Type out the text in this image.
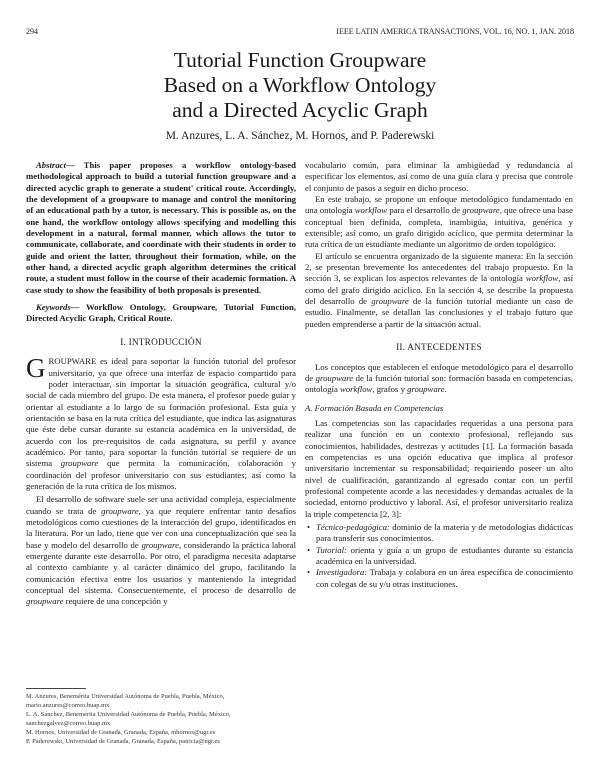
294	IEEE LATIN AMERICA TRANSACTIONS, VOL. 16, NO. 1, JAN. 2018
Tutorial Function Groupware
Based on a Workflow Ontology
and a Directed Acyclic Graph
M. Anzures, L. A. Sánchez, M. Hornos, and P. Paderewski

Abstract— This paper proposes a workflow ontology-based methodological approach to build a tutorial function groupware and a directed acyclic graph to generate a student' critical route. Accordingly, the development of a groupware to manage and control the monitoring of an educational path by a tutor, is necessary. This is possible as, on the one hand, the workflow ontology allows specifying and modelling this development in a natural, formal manner, which allows the tutor to communicate, collaborate, and coordinate with their students in order to guide and orient the latter, throughout their formation, while, on the other hand, a directed acyclic graph algorithm determines the critical route, a student must follow in the course of their academic formation. A case study to show the feasibility of both proposals is presented.

Keywords— Workflow Ontology, Groupware, Tutorial Function, Directed Acyclic Graph, Critical Route.

I. INTRODUCCIÓN

GROUPWARE es ideal para soportar la función tutorial del profesor universitario, ya que ofrece una interfaz de espacio compartido para poder interactuar, sin importar la situación geográfica, cultural y/o social de cada miembro del grupo. De esta manera, el profesor puede guiar y orientar al estudiante a lo largo de su formación profesional. Esta guía y orientación se basa en la ruta crítica del estudiante, que indica las asignaturas que éste debe cursar durante su estancia académica en la universidad, de acuerdo con los pre-requisitos de cada asignatura, su perfil y avance académico. Por tanto, para soportar la función tutorial se requiere de un sistema groupware que permita la comunicación, colaboración y coordinación del profesor universitario con sus estudiantes; así como la generación de la ruta crítica de los mismos.

El desarrollo de software suele ser una actividad compleja, especialmente cuando se trata de groupware, ya que requiere enfrentar tanto desafíos metodológicos como cuestiones de la interacción del grupo, identificados en la literatura. Por un lado, tiene que ver con una conceptualización que sea la base y modelo del desarrollo de groupware, considerando la práctica laboral emergente durante este desarrollo. Por otro, el paradigma necesita adaptarse al contexto cambiante y al carácter dinámico del grupo, facilitando la comunicación efectiva entre los usuarios y manteniendo la integridad conceptual del sistema. Consecuentemente, el proceso de desarrollo de groupware requiere de una concepción y

vocabulario común, para eliminar la ambigüedad y redundancia al especificar los elementos, así como de una guía clara y precisa que controle el conjunto de pasos a seguir en dicho proceso.

En este trabajo, se propone un enfoque metodológico fundamentado en una ontología workflow para el desarrollo de groupware, que ofrece una base conceptual bien definida, completa, inambigüa, intuitiva, genérica y extensible; así como, un grafo dirigido acíclico, que permita determinar la ruta crítica de un estudiante mediante un algoritmo de orden topológico.

El artículo se encuentra organizado de la siguiente manera: En la sección 2, se presentan brevemente los antecedentes del trabajo propuesto. En la sección 3, se explican los aspectos relevantes de la ontología workflow, así como del grafo dirigido acíclico. En la sección 4, se describe la propuesta del desarrollo de groupware de la función tutorial mediante un caso de estudio. Finalmente, se detallan las conclusiones y el trabajo futuro que pueden emprenderse a partir de la situación actual.

II. ANTECEDENTES

Los conceptos que establecen el enfoque metodológico para el desarrollo de groupware de la función tutorial son: formación basada en competencias, ontología workflow, grafos y groupware.

A. Formación Basada en Competencias

Las competencias son las capacidades requeridas a una persona para realizar una función en un contexto profesional, reflejando sus conocimientos, habilidades, destrezas y actitudes [1]. La formación basada en competencias es una opción educativa que implica al profesor universitario incrementar su responsabilidad; requiriendo poseer un alto nivel de cualificación, garantizando al egresado contar con un perfil profesional competente acorde a las necesidades y demandas actuales de la sociedad, entorno productivo y laboral. Así, el profesor universitario realiza la triple competencia [2, 3]:

• Técnico-pedagógica: dominio de la materia y de metodologías didácticas para transferir sus conocimientos.
• Tutorial: orienta y guía a un grupo de estudiantes durante su estancia académica en la universidad.
• Investigadora: Trabaja y colabora en un área específica de conocimiento con colegas de su y/u otras instituciones.

M. Anzures, Benemérita Universidad Autónoma de Puebla, Puebla, México, mario.anzures@correo.buap.mx

L. A. Sánchez, Benemérita Universidad Autónoma de Puebla, Puebla, México, sanchezgalvez@correo.buap.mx

M. Hornos, Universidad de Granada, Granada, España, mhornos@ugr.es

P. Paderewski, Universidad de Granada, Granada, España, patricia@ugr.es
